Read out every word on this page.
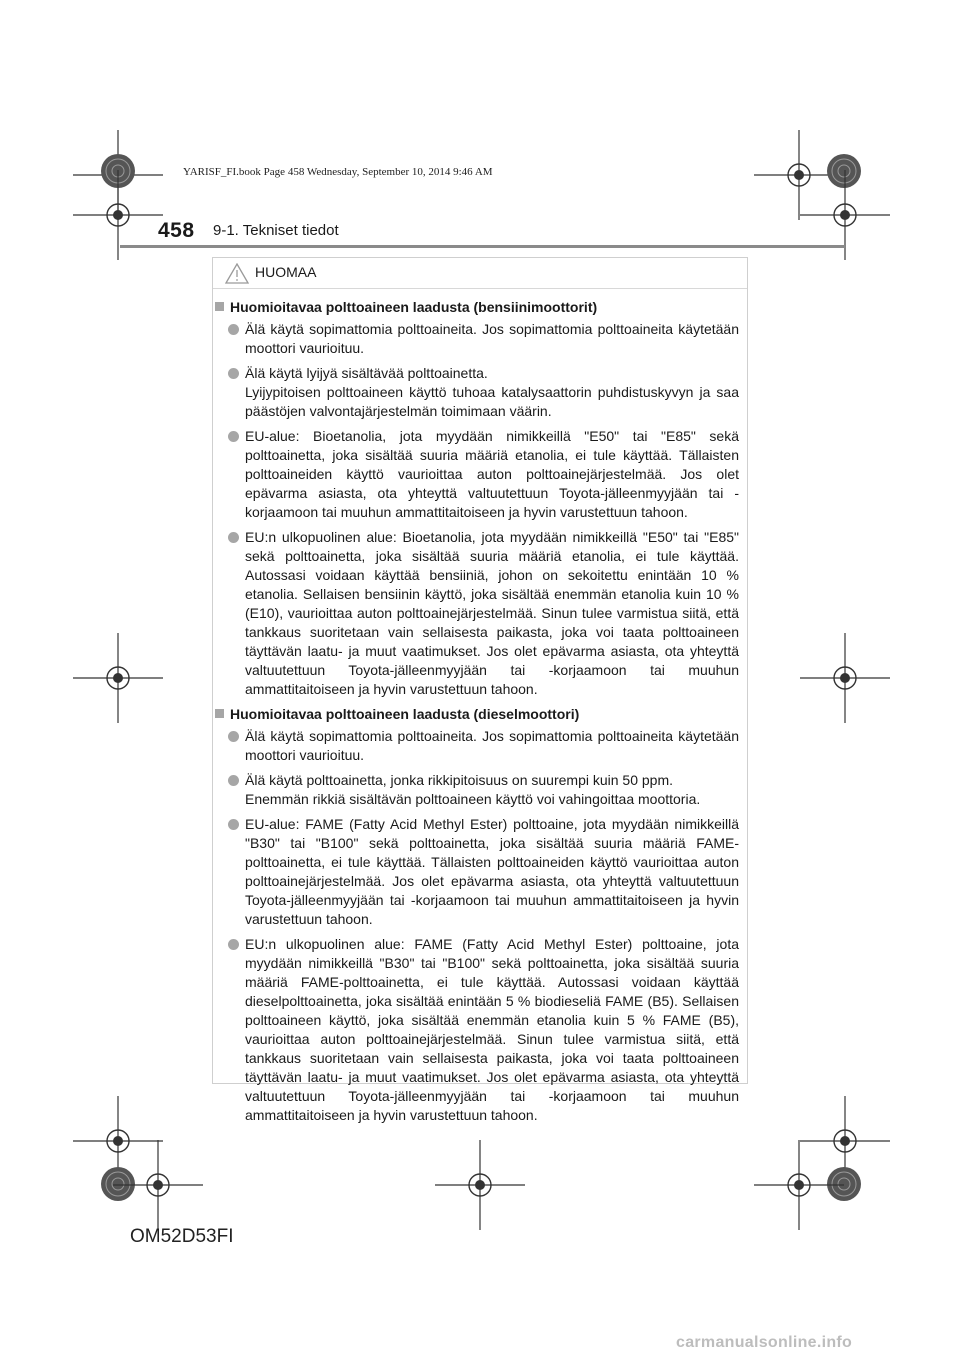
YARISF_FI.book Page 458 Wednesday, September 10, 2014 9:46 AM
458 9-1. Tekniset tiedot
HUOMAA
Huomioitavaa polttoaineen laadusta (bensiinimoottorit)

Älä käytä sopimattomia polttoaineita. Jos sopimattomia polttoaineita käytetään moottori vaurioituu.

Älä käytä lyijyä sisältävää polttoainetta.
Lyijypitoisen polttoaineen käyttö tuhoaa katalysaattorin puhdistuskyvyn ja saa päästöjen valvontajärjestelmän toimimaan väärin.

EU-alue: Bioetanolia, jota myydään nimikkeillä "E50" tai "E85" sekä polttoainetta, joka sisältää suuria määriä etanolia, ei tule käyttää. Tällaisten polttoaineiden käyttö vaurioittaa auton polttoainejärjestelmää. Jos olet epävarma asiasta, ota yhteyttä valtuutettuun Toyota-jälleenmyyjään tai -korjaamoon tai muuhun ammattitaitoiseen ja hyvin varustettuun tahoon.

EU:n ulkopuolinen alue: Bioetanolia, jota myydään nimikkeillä "E50" tai "E85" sekä polttoainetta, joka sisältää suuria määriä etanolia, ei tule käyttää. Autossasi voidaan käyttää bensiiniä, johon on sekoitettu enintään 10 % etanolia. Sellaisen bensiinin käyttö, joka sisältää enemmän etanolia kuin 10 % (E10), vaurioittaa auton polttoainejärjestelmää. Sinun tulee varmistua siitä, että tankkaus suoritetaan vain sellaisesta paikasta, joka voi taata polttoaineen täyttävän laatu- ja muut vaatimukset. Jos olet epävarma asiasta, ota yhteyttä valtuutettuun Toyota-jälleenmyyjään tai -korjaamoon tai muuhun ammattitaitoiseen ja hyvin varustettuun tahoon.

Huomioitavaa polttoaineen laadusta (dieselmoottori)

Älä käytä sopimattomia polttoaineita. Jos sopimattomia polttoaineita käytetään moottori vaurioituu.

Älä käytä polttoainetta, jonka rikkipitoisuus on suurempi kuin 50 ppm.
Enemmän rikkiä sisältävän polttoaineen käyttö voi vahingoittaa moottoria.

EU-alue: FAME (Fatty Acid Methyl Ester) polttoaine, jota myydään nimikkeillä "B30" tai "B100" sekä polttoainetta, joka sisältää suuria määriä FAME-polttoainetta, ei tule käyttää. Tällaisten polttoaineiden käyttö vaurioittaa auton polttoainejärjestelmää. Jos olet epävarma asiasta, ota yhteyttä valtuutettuun Toyota-jälleenmyyjään tai -korjaamoon tai muuhun ammattitaitoiseen ja hyvin varustettuun tahoon.

EU:n ulkopuolinen alue: FAME (Fatty Acid Methyl Ester) polttoaine, jota myydään nimikkeillä "B30" tai "B100" sekä polttoainetta, joka sisältää suuria määriä FAME-polttoainetta, ei tule käyttää. Autossasi voidaan käyttää dieselpolttoainetta, joka sisältää enintään 5 % biodieseliä FAME (B5). Sellaisen polttoaineen käyttö, joka sisältää enemmän etanolia kuin 5 % FAME (B5), vaurioittaa auton polttoainejärjestelmää. Sinun tulee varmistua siitä, että tankkaus suoritetaan vain sellaisesta paikasta, joka voi taata polttoaineen täyttävän laatu- ja muut vaatimukset. Jos olet epävarma asiasta, ota yhteyttä valtuutettuun Toyota-jälleenmyyjään tai -korjaamoon tai muuhun ammattitaitoiseen ja hyvin varustettuun tahoon.

OM52D53FI
carmanualsonline.info
